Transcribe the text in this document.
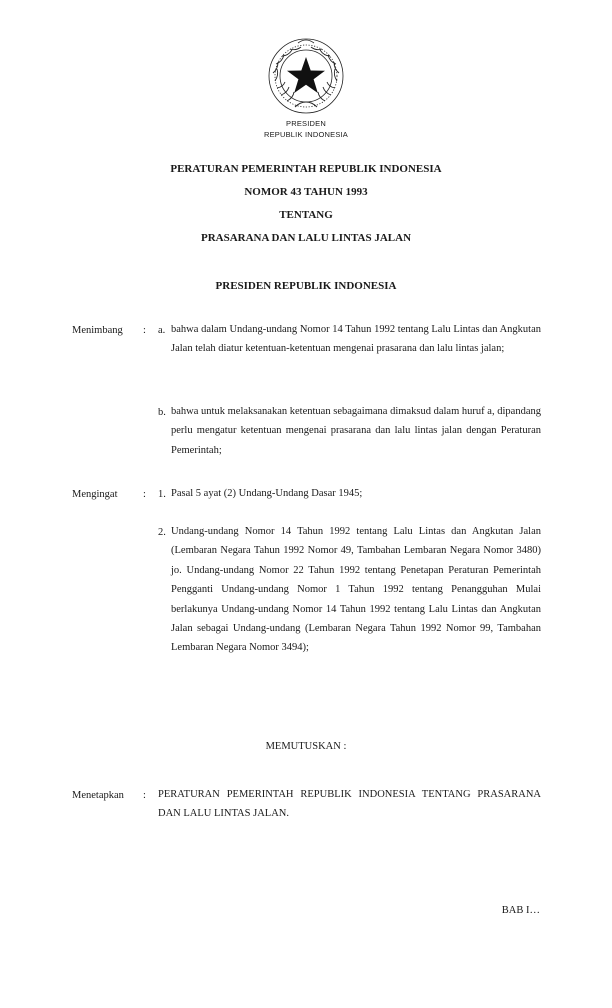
PRESIDEN
REPUBLIK INDONESIA
PERATURAN PEMERINTAH REPUBLIK INDONESIA
NOMOR 43 TAHUN 1993
TENTANG
PRASARANA DAN LALU LINTAS JALAN
PRESIDEN REPUBLIK INDONESIA
Menimbang : a. bahwa dalam Undang-undang Nomor 14 Tahun 1992 tentang Lalu Lintas dan Angkutan Jalan telah diatur ketentuan-ketentuan mengenai prasarana dan lalu lintas jalan;
b. bahwa untuk melaksanakan ketentuan sebagaimana dimaksud dalam huruf a, dipandang perlu mengatur ketentuan mengenai prasarana dan lalu lintas jalan dengan Peraturan Pemerintah;
Mengingat : 1. Pasal 5 ayat (2) Undang-Undang Dasar 1945;
2. Undang-undang Nomor 14 Tahun 1992 tentang Lalu Lintas dan Angkutan Jalan (Lembaran Negara Tahun 1992 Nomor 49, Tambahan Lembaran Negara Nomor 3480) jo. Undang-undang Nomor 22 Tahun 1992 tentang Penetapan Peraturan Pemerintah Pengganti Undang-undang Nomor 1 Tahun 1992 tentang Penangguhan Mulai berlakunya Undang-undang Nomor 14 Tahun 1992 tentang Lalu Lintas dan Angkutan Jalan sebagai Undang-undang (Lembaran Negara Tahun 1992 Nomor 99, Tambahan Lembaran Negara Nomor 3494);
MEMUTUSKAN :
Menetapkan : PERATURAN PEMERINTAH REPUBLIK INDONESIA TENTANG PRASARANA DAN LALU LINTAS JALAN.
BAB I…
